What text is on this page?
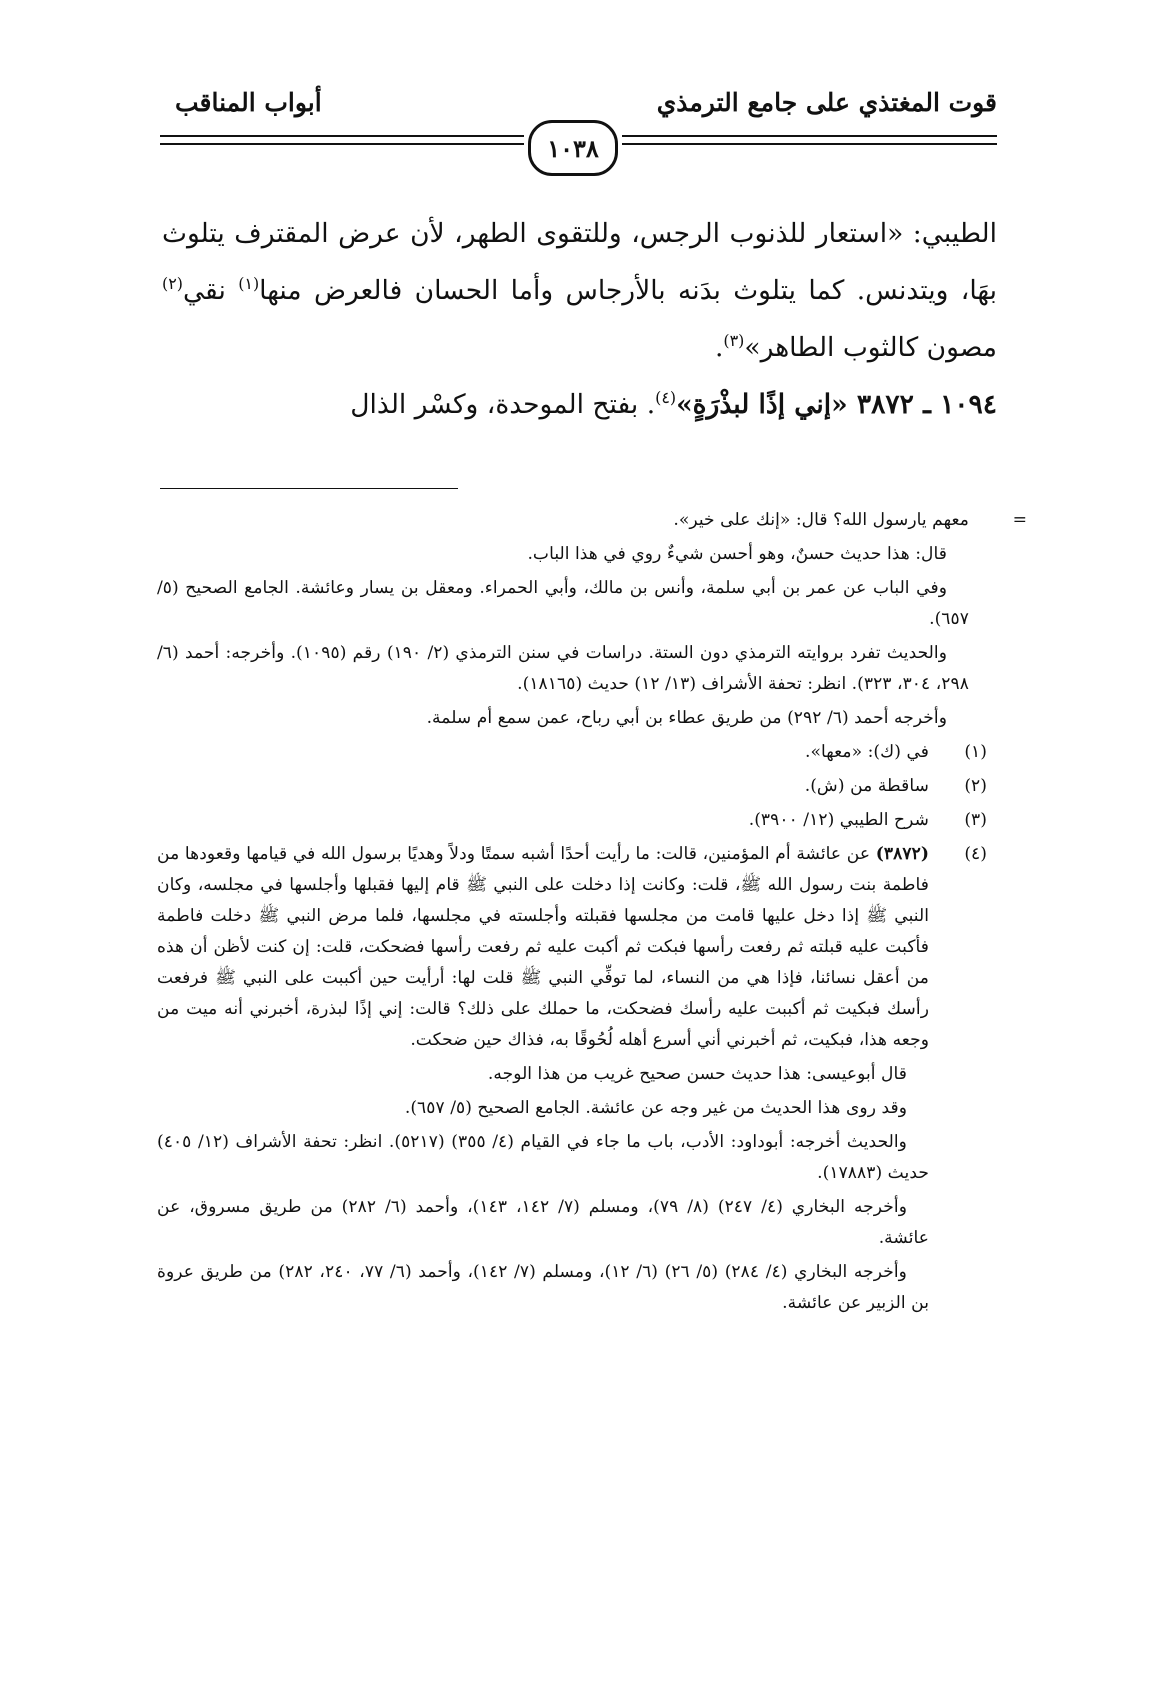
قوت المغتذي على جامع الترمذي
أبواب المناقب
١٠٣٨

الطيبي: «استعار للذنوب الرجس، وللتقوى الطهر، لأن عرض المقترف يتلوث بهَا، ويتدنس. كما يتلوث بدَنه بالأرجاس وأما الحسان فالعرض منها$^{(١)}$ نقي$^{(٢)}$ مصون كالثوب الطاهر»$^{(٣)}$.

١٠٩٤ ـ ٣٨٧٢ «إني إذًا لبذْرَةٍ»$^{(٤)}$. بفتح الموحدة، وكسْر الذال

=
معهم يارسول الله؟ قال: «إنك على خير».

قال: هذا حديث حسنٌ، وهو أحسن شيءٌ روي في هذا الباب.

وفي الباب عن عمر بن أبي سلمة، وأنس بن مالك، وأبي الحمراء. ومعقل بن يسار وعائشة. الجامع الصحيح (٥/ ٦٥٧).

والحديث تفرد بروايته الترمذي دون الستة. دراسات في سنن الترمذي (٢/ ١٩٠) رقم (١٠٩٥). وأخرجه: أحمد (٦/ ٢٩٨، ٣٠٤، ٣٢٣). انظر: تحفة الأشراف (١٣/ ١٢) حديث (١٨١٦٥).

وأخرجه أحمد (٦/ ٢٩٢) من طريق عطاء بن أبي رباح، عمن سمع أم سلمة.

(١)
في (ك): «معها».

(٢)
ساقطة من (ش).

(٣)
شرح الطيبي (١٢/ ٣٩٠٠).

(٤)
(٣٨٧٢) عن عائشة أم المؤمنين، قالت: ما رأيت أحدًا أشبه سمتًا ودلاً وهديًا برسول الله في قيامها وقعودها من فاطمة بنت رسول الله ﷺ، قلت: وكانت إذا دخلت على النبي ﷺ قام إليها فقبلها وأجلسها في مجلسه، وكان النبي ﷺ إذا دخل عليها قامت من مجلسها فقبلته وأجلسته في مجلسها، فلما مرض النبي ﷺ دخلت فاطمة فأكبت عليه قبلته ثم رفعت رأسها فبكت ثم أكبت عليه ثم رفعت رأسها فضحكت، قلت: إن كنت لأظن أن هذه من أعقل نسائنا، فإذا هي من النساء، لما توفِّي النبي ﷺ قلت لها: أرأيت حين أكببت على النبي ﷺ فرفعت رأسك فبكيت ثم أكببت عليه رأسك فضحكت، ما حملك على ذلك؟ قالت: إني إذًا لبذرة، أخبرني أنه ميت من وجعه هذا، فبكيت، ثم أخبرني أني أسرع أهله لُحُوقًا به، فذاك حين ضحكت.

قال أبوعيسى: هذا حديث حسن صحيح غريب من هذا الوجه.

وقد روى هذا الحديث من غير وجه عن عائشة. الجامع الصحيح (٥/ ٦٥٧).

والحديث أخرجه: أبوداود: الأدب، باب ما جاء في القيام (٤/ ٣٥٥) (٥٢١٧). انظر: تحفة الأشراف (١٢/ ٤٠٥) حديث (١٧٨٨٣).

وأخرجه البخاري (٤/ ٢٤٧) (٨/ ٧٩)، ومسلم (٧/ ١٤٢، ١٤٣)، وأحمد (٦/ ٢٨٢) من طريق مسروق، عن عائشة.

وأخرجه البخاري (٤/ ٢٨٤) (٥/ ٢٦) (٦/ ١٢)، ومسلم (٧/ ١٤٢)، وأحمد (٦/ ٧٧، ٢٤٠، ٢٨٢) من طريق عروة بن الزبير عن عائشة.
